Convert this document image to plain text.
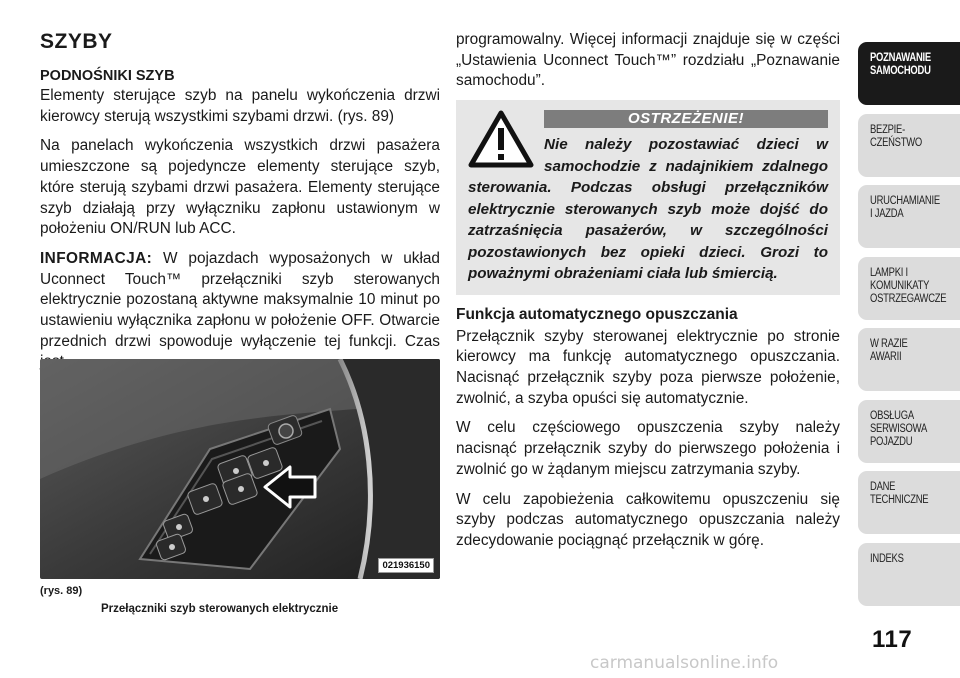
SZYBY
PODNOŚNIKI SZYB

Elementy sterujące szyb na panelu wykończenia drzwi kierowcy sterują wszystkimi szybami drzwi. (rys. 89)

Na panelach wykończenia wszystkich drzwi pasażera umieszczone są pojedyncze elementy sterujące szyb, które sterują szybami drzwi pasażera. Elementy sterujące szyb działają przy wyłączniku zapłonu ustawionym w położeniu ON/RUN lub ACC.

INFORMACJA: W pojazdach wyposażonych w układ Uconnect Touch™ przełączniki szyb sterowanych elektrycznie pozostaną aktywne maksymalnie 10 minut po ustawieniu wyłącznika zapłonu w położenie OFF. Otwarcie przednich drzwi spowoduje wyłączenie tej funkcji. Czas

021936150
(rys. 89)
Przełączniki szyb sterowanych elektrycznie

programowalny. Więcej informacji znajduje się w części „Ustawienia Uconnect Touch™” rozdziału „Poznawanie samochodu”.

OSTRZEŻENIE!

Nie należy pozostawiać dzieci w samochodzie z nadajnikiem zdalnego sterowania. Podczas obsługi przełączników elektrycznie sterowanych szyb może dojść do zatrzaśnięcia pasażerów, w szczególności pozostawionych bez opieki dzieci. Grozi to poważnymi obrażeniami ciała lub śmiercią.

Funkcja automatycznego opuszczania

Przełącznik szyby sterowanej elektrycznie po stronie kierowcy ma funkcję automatycznego opuszczania. Nacisnąć przełącznik szyby poza pierwsze położenie, zwolnić, a szyba opuści się automatycznie.

W celu częściowego opuszczenia szyby należy nacisnąć przełącznik szyby do pierwszego położenia i zwolnić go w żądanym miejscu zatrzymania szyby.

W celu zapobieżenia całkowitemu opuszczeniu się szyby podczas automatycznego opuszczania należy zdecydowanie pociągnąć przełącznik w górę.

POZNAWANIE
SAMOCHODU
BEZPIE-
CZEŃSTWO
URUCHAMIANIE
I JAZDA
LAMPKI I
KOMUNIKATY
OSTRZEGAWCZE
W RAZIE
AWARII
OBSŁUGA
SERWISOWA
POJAZDU
DANE
TECHNICZNE
INDEKS
117
carmanualsonline.info
